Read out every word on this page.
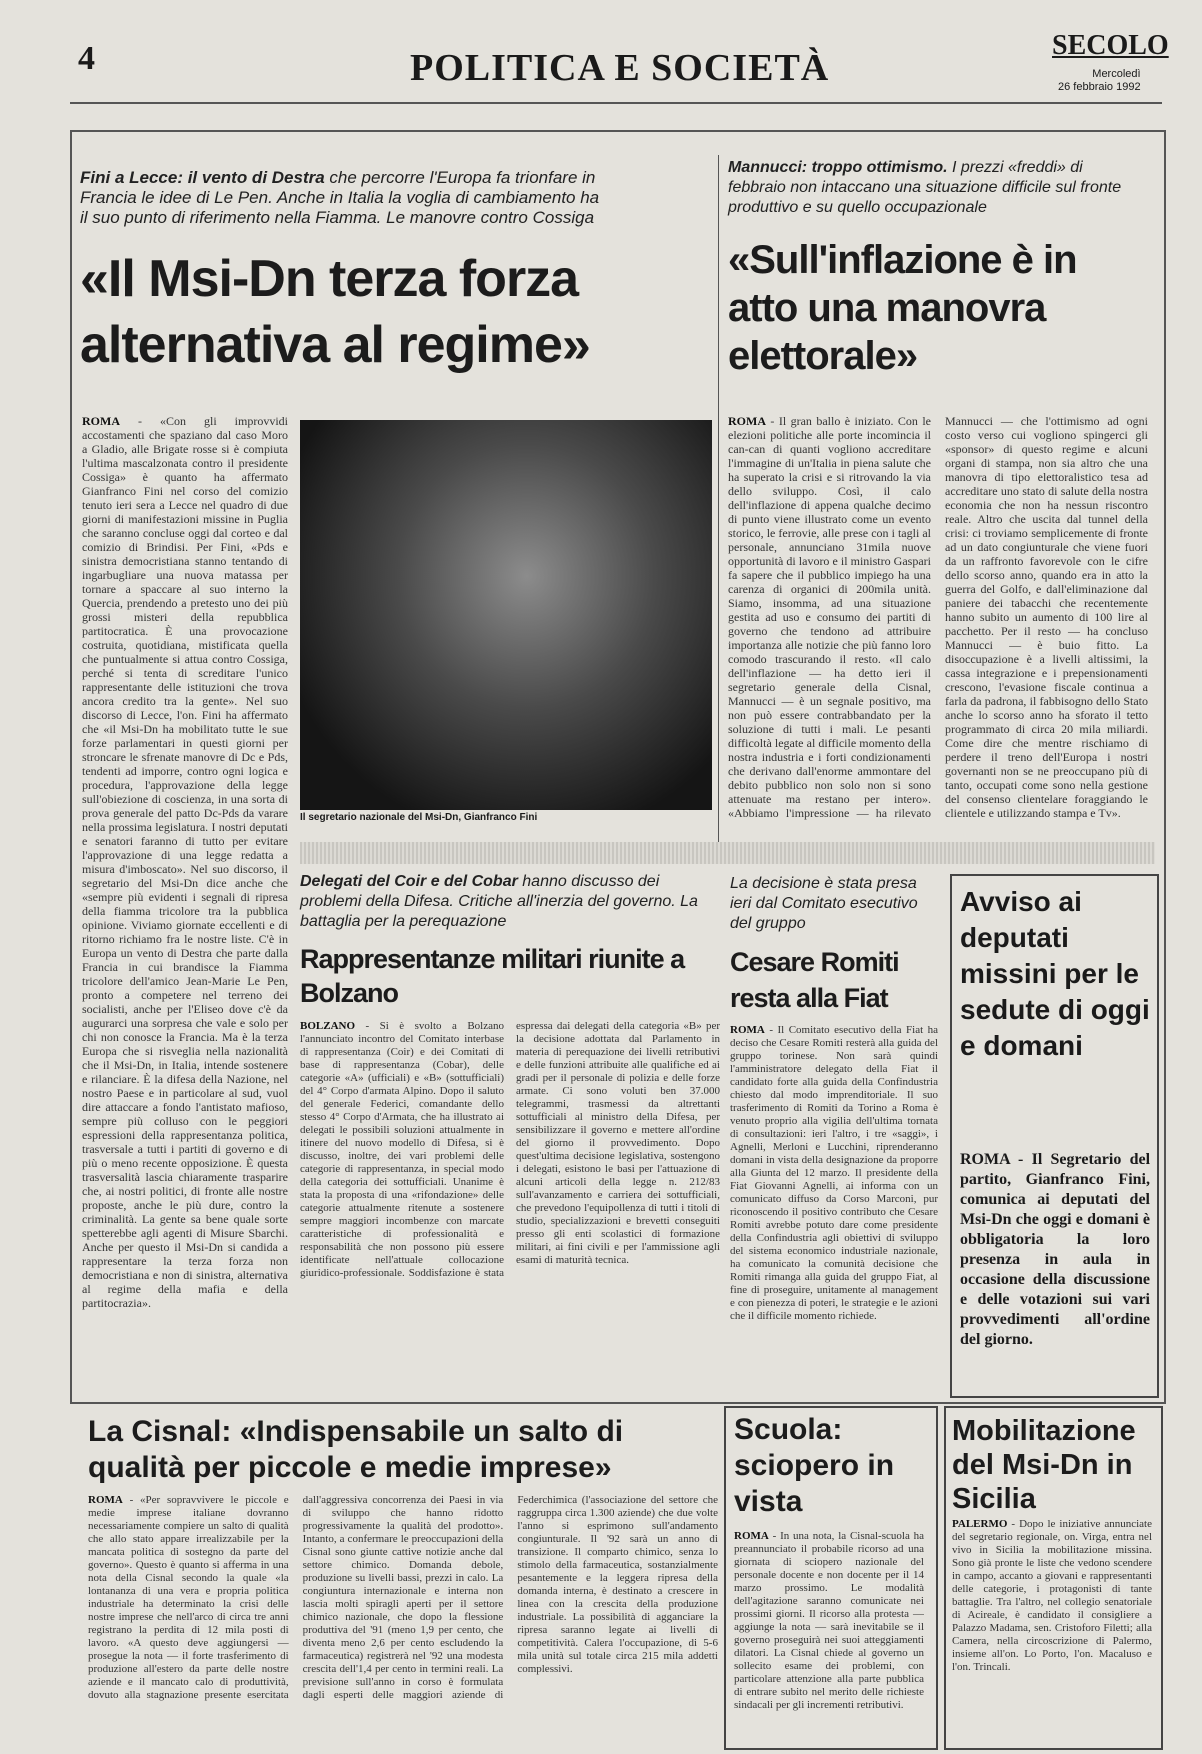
4	POLITICA E SOCIETÀ
SECOLO
Mercoledì
26 febbraio 1992
Fini a Lecce: il vento di Destra che percorre l'Europa fa trionfare in Francia le idee di Le Pen. Anche in Italia la voglia di cambiamento ha il suo punto di riferimento nella Fiamma. Le manovre contro Cossiga
«Il Msi-Dn terza forza alternativa al regime»
ROMA - «Con gli improvvidi accostamenti che spaziano dal caso Moro a Gladio, alle Brigate rosse si è compiuta l'ultima mascalzonata contro il presidente Cossiga» è quanto ha affermato Gianfranco Fini nel corso del comizio tenuto ieri sera a Lecce nel quadro di due giorni di manifestazioni missine in Puglia che saranno concluse oggi dal corteo e dal comizio di Brindisi. Per Fini, «Pds e sinistra democristiana stanno tentando di ingarbugliare una nuova matassa per tornare a spaccare al suo interno la Quercia, prendendo a pretesto uno dei più grossi misteri della repubblica partitocratica. È una provocazione costruita, quotidiana, mistificata quella che puntualmente si attua contro Cossiga, perché si tenta di screditare l'unico rappresentante delle istituzioni che trova ancora credito tra la gente». Nel suo discorso di Lecce, l'on. Fini ha affermato che «il Msi-Dn ha mobilitato tutte le sue forze parlamentari in questi giorni per stroncare le sfrenate manovre di Dc e Pds, tendenti ad imporre, contro ogni logica e procedura, l'approvazione della legge sull'obiezione di coscienza, in una sorta di prova generale del patto Dc-Pds da varare nella prossima legislatura. I nostri deputati e senatori faranno di tutto per evitare l'approvazione di una legge redatta a misura d'imboscato». Nel suo discorso, il segretario del Msi-Dn dice anche che «sempre più evidenti i segnali di ripresa della fiamma tricolore tra la pubblica opinione. Viviamo giornate eccellenti e di ritorno richiamo fra le nostre liste. C'è in Europa un vento di Destra che parte dalla Francia in cui brandisce la Fiamma tricolore dell'amico Jean-Marie Le Pen, pronto a competere nel terreno dei socialisti, anche per l'Eliseo dove c'è da augurarci una sorpresa che vale e solo per chi non conosce la Francia. Ma è la terza Europa che si risveglia nella nazionalità che il Msi-Dn, in Italia, intende sostenere e rilanciare. È la difesa della Nazione, nel nostro Paese e in particolare al sud, vuol dire attaccare a fondo l'antistato mafioso, sempre più colluso con le peggiori espressioni della rappresentanza politica, trasversale a tutti i partiti di governo e di più o meno recente opposizione. È questa trasversalità lascia chiaramente trasparire che, ai nostri politici, di fronte alle nostre proposte, anche le più dure, contro la criminalità. La gente sa bene quale sorte spetterebbe agli agenti di Misure Sbarchi. Anche per questo il Msi-Dn si candida a rappresentare la terza forza non democristiana e non di sinistra, alternativa al regime della mafia e della partitocrazia».
Il segretario nazionale del Msi-Dn, Gianfranco Fini
Mannucci: troppo ottimismo. I prezzi «freddi» di febbraio non intaccano una situazione difficile sul fronte produttivo e su quello occupazionale
«Sull'inflazione è in atto una manovra elettorale»
ROMA - Il gran ballo è iniziato. Con le elezioni politiche alle porte incomincia il can-can di quanti vogliono accreditare l'immagine di un'Italia in piena salute che ha superato la crisi e si ritrovando la via dello sviluppo. Così, il calo dell'inflazione di appena qualche decimo di punto viene illustrato come un evento storico, le ferrovie, alle prese con i tagli al personale, annunciano 31mila nuove opportunità di lavoro e il ministro Gaspari fa sapere che il pubblico impiego ha una carenza di organici di 200mila unità. Siamo, insomma, ad una situazione gestita ad uso e consumo dei partiti di governo che tendono ad attribuire importanza alle notizie che più fanno loro comodo trascurando il resto. «Il calo dell'inflazione — ha detto ieri il segretario generale della Cisnal, Mannucci — è un segnale positivo, ma non può essere contrabbandato per la soluzione di tutti i mali. Le pesanti difficoltà legate al difficile momento della nostra industria e i forti condizionamenti che derivano dall'enorme ammontare del debito pubblico non solo non si sono attenuate ma restano per intero». «Abbiamo l'impressione — ha rilevato Mannucci — che l'ottimismo ad ogni costo verso cui vogliono spingerci gli «sponsor» di questo regime e alcuni organi di stampa, non sia altro che una manovra di tipo elettoralistico tesa ad accreditare uno stato di salute della nostra economia che non ha nessun riscontro reale. Altro che uscita dal tunnel della crisi: ci troviamo semplicemente di fronte ad un dato congiunturale che viene fuori da un raffronto favorevole con le cifre dello scorso anno, quando era in atto la guerra del Golfo, e dall'eliminazione dal paniere dei tabacchi che recentemente hanno subito un aumento di 100 lire al pacchetto. Per il resto — ha concluso Mannucci — è buio fitto. La disoccupazione è a livelli altissimi, la cassa integrazione e i prepensionamenti crescono, l'evasione fiscale continua a farla da padrona, il fabbisogno dello Stato anche lo scorso anno ha sforato il tetto programmato di circa 20 mila miliardi. Come dire che mentre rischiamo di perdere il treno dell'Europa i nostri governanti non se ne preoccupano più di tanto, occupati come sono nella gestione del consenso clientelare foraggiando le clientele e utilizzando stampa e Tv».
Delegati del Coir e del Cobar hanno discusso dei problemi della Difesa. Critiche all'inerzia del governo. La battaglia per la perequazione
Rappresentanze militari riunite a Bolzano
BOLZANO - Si è svolto a Bolzano l'annunciato incontro del Comitato interbase di rappresentanza (Coir) e dei Comitati di base di rappresentanza (Cobar), delle categorie «A» (ufficiali) e «B» (sottufficiali) del 4° Corpo d'armata Alpino. Dopo il saluto del generale Federici, comandante dello stesso 4° Corpo d'Armata, che ha illustrato ai delegati le possibili soluzioni attualmente in itinere del nuovo modello di Difesa, si è discusso, inoltre, dei vari problemi delle categorie di rappresentanza, in special modo della categoria dei sottufficiali. Unanime è stata la proposta di una «rifondazione» delle categorie attualmente ritenute a sostenere sempre maggiori incombenze con marcate caratteristiche di professionalità e responsabilità che non possono più essere identificate nell'attuale collocazione giuridico-professionale. Soddisfazione è stata espressa dai delegati della categoria «B» per la decisione adottata dal Parlamento in materia di perequazione dei livelli retributivi e delle funzioni attribuite alle qualifiche ed ai gradi per il personale di polizia e delle forze armate. Ci sono voluti ben 37.000 telegrammi, trasmessi da altrettanti sottufficiali al ministro della Difesa, per sensibilizzare il governo e mettere all'ordine del giorno il provvedimento. Dopo quest'ultima decisione legislativa, sostengono i delegati, esistono le basi per l'attuazione di alcuni articoli della legge n. 212/83 sull'avanzamento e carriera dei sottufficiali, che prevedono l'equipollenza di tutti i titoli di studio, specializzazioni e brevetti conseguiti presso gli enti scolastici di formazione militari, ai fini civili e per l'ammissione agli esami di maturità tecnica.
La decisione è stata presa ieri dal Comitato esecutivo del gruppo
Cesare Romiti resta alla Fiat
ROMA - Il Comitato esecutivo della Fiat ha deciso che Cesare Romiti resterà alla guida del gruppo torinese. Non sarà quindi l'amministratore delegato della Fiat il candidato forte alla guida della Confindustria chiesto dal modo imprenditoriale. Il suo trasferimento di Romiti da Torino a Roma è venuto proprio alla vigilia dell'ultima tornata di consultazioni: ieri l'altro, i tre «saggi», i Agnelli, Merloni e Lucchini, riprenderanno domani in vista della designazione da proporre alla Giunta del 12 marzo. Il presidente della Fiat Giovanni Agnelli, ai informa con un comunicato diffuso da Corso Marconi, pur riconoscendo il positivo contributo che Cesare Romiti avrebbe potuto dare come presidente della Confindustria agli obiettivi di sviluppo del sistema economico industriale nazionale, ha comunicato la comunità decisione che Romiti rimanga alla guida del gruppo Fiat, al fine di proseguire, unitamente al management e con pienezza di poteri, le strategie e le azioni che il difficile momento richiede.
Avviso ai deputati missini per le sedute di oggi e domani
ROMA - Il Segretario del partito, Gianfranco Fini, comunica ai deputati del Msi-Dn che oggi e domani è obbligatoria la loro presenza in aula in occasione della discussione e delle votazioni sui vari provvedimenti all'ordine del giorno.
La Cisnal: «Indispensabile un salto di qualità per piccole e medie imprese»
ROMA - «Per sopravvivere le piccole e medie imprese italiane dovranno necessariamente compiere un salto di qualità che allo stato appare irrealizzabile per la mancata politica di sostegno da parte del governo». Questo è quanto si afferma in una nota della Cisnal secondo la quale «la lontananza di una vera e propria politica industriale ha determinato la crisi delle nostre imprese che nell'arco di circa tre anni registrano la perdita di 12 mila posti di lavoro. «A questo deve aggiungersi — prosegue la nota — il forte trasferimento di produzione all'estero da parte delle nostre aziende e il mancato calo di produttività, dovuto alla stagnazione presente esercitata dall'aggressiva concorrenza dei Paesi in via di sviluppo che hanno ridotto progressivamente la qualità del prodotto». Intanto, a confermare le preoccupazioni della Cisnal sono giunte cattive notizie anche dal settore chimico. Domanda debole, produzione su livelli bassi, prezzi in calo. La congiuntura internazionale e interna non lascia molti spiragli aperti per il settore chimico nazionale, che dopo la flessione produttiva del '91 (meno 1,9 per cento, che diventa meno 2,6 per cento escludendo la farmaceutica) registrerà nel '92 una modesta crescita dell'1,4 per cento in termini reali. La previsione sull'anno in corso è formulata dagli esperti delle maggiori aziende di Federchimica (l'associazione del settore che raggruppa circa 1.300 aziende) che due volte l'anno si esprimono sull'andamento congiunturale. Il '92 sarà un anno di transizione. Il comparto chimico, senza lo stimolo della farmaceutica, sostanzialmente pesantemente e la leggera ripresa della domanda interna, è destinato a crescere in linea con la crescita della produzione industriale. La possibilità di agganciare la ripresa saranno legate ai livelli di competitività. Calera l'occupazione, di 5-6 mila unità sul totale circa 215 mila addetti complessivi.
Scuola: sciopero in vista
ROMA - In una nota, la Cisnal-scuola ha preannunciato il probabile ricorso ad una giornata di sciopero nazionale del personale docente e non docente per il 14 marzo prossimo. Le modalità dell'agitazione saranno comunicate nei prossimi giorni. Il ricorso alla protesta — aggiunge la nota — sarà inevitabile se il governo proseguirà nei suoi atteggiamenti dilatori. La Cisnal chiede al governo un sollecito esame dei problemi, con particolare attenzione alla parte pubblica di entrare subito nel merito delle richieste sindacali per gli incrementi retributivi.
Mobilitazione del Msi-Dn in Sicilia
PALERMO - Dopo le iniziative annunciate del segretario regionale, on. Virga, entra nel vivo in Sicilia la mobilitazione missina. Sono già pronte le liste che vedono scendere in campo, accanto a giovani e rappresentanti delle categorie, i protagonisti di tante battaglie. Tra l'altro, nel collegio senatoriale di Acireale, è candidato il consigliere a Palazzo Madama, sen. Cristoforo Filetti; alla Camera, nella circoscrizione di Palermo, insieme all'on. Lo Porto, l'on. Macaluso e l'on. Trincali.
